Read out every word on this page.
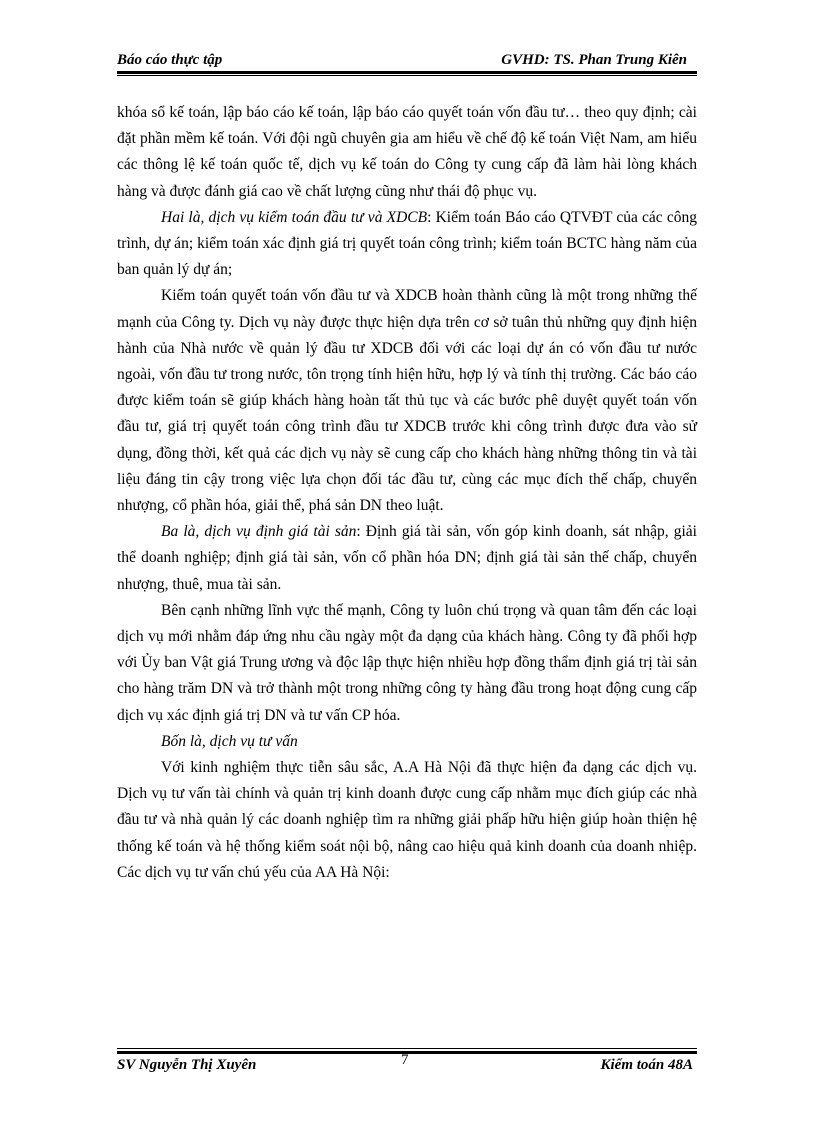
Báo cáo thực tập	GVHD: TS. Phan Trung Kiên

khóa sổ kế toán, lập báo cáo kế toán, lập báo cáo quyết toán vốn đầu tư… theo quy định; cài đặt phần mềm kế toán. Với đội ngũ chuyên gia am hiểu về chế độ kế toán Việt Nam, am hiểu các thông lệ kế toán quốc tế, dịch vụ kế toán do Công ty cung cấp đã làm hài lòng khách hàng và được đánh giá cao về chất lượng cũng như thái độ phục vụ.

Hai là, dịch vụ kiểm toán đầu tư và XDCB: Kiểm toán Báo cáo QTVĐT của các công trình, dự án; kiểm toán xác định giá trị quyết toán công trình; kiểm toán BCTC hàng năm của ban quản lý dự án;

Kiểm toán quyết toán vốn đầu tư và XDCB hoàn thành cũng là một trong những thế mạnh của Công ty. Dịch vụ này được thực hiện dựa trên cơ sở tuân thủ những quy định hiện hành của Nhà nước về quản lý đầu tư XDCB đối với các loại dự án có vốn đầu tư nước ngoài, vốn đầu tư trong nước, tôn trọng tính hiện hữu, hợp lý và tính thị trường. Các báo cáo được kiểm toán sẽ giúp khách hàng hoàn tất thủ tục và các bước phê duyệt quyết toán vốn đầu tư, giá trị quyết toán công trình đầu tư XDCB trước khi công trình được đưa vào sử dụng, đồng thời, kết quả các dịch vụ này sẽ cung cấp cho khách hàng những thông tin và tài liệu đáng tin cậy trong việc lựa chọn đối tác đầu tư, cùng các mục đích thế chấp, chuyển nhượng, cổ phần hóa, giải thể, phá sản DN theo luật.

Ba là, dịch vụ định giá tài sản: Định giá tài sản, vốn góp kinh doanh, sát nhập, giải thể doanh nghiệp; định giá tài sản, vốn cổ phần hóa DN; định giá tài sản thế chấp, chuyển nhượng, thuê, mua tài sản.

Bên cạnh những lĩnh vực thế mạnh, Công ty luôn chú trọng và quan tâm đến các loại dịch vụ mới nhằm đáp ứng nhu cầu ngày một đa dạng của khách hàng. Công ty đã phối hợp với Ủy ban Vật giá Trung ương và độc lập thực hiện nhiều hợp đồng thẩm định giá trị tài sản cho hàng trăm DN và trở thành một trong những công ty hàng đầu trong hoạt động cung cấp dịch vụ xác định giá trị DN và tư vấn CP hóa.

Bốn là, dịch vụ tư vấn

Với kinh nghiệm thực tiễn sâu sắc, A.A Hà Nội đã thực hiện đa dạng các dịch vụ. Dịch vụ tư vấn tài chính và quản trị kinh doanh được cung cấp nhằm mục đích giúp các nhà đầu tư và nhà quản lý các doanh nghiệp tìm ra những giải phấp hữu hiện giúp hoàn thiện hệ thống kế toán và hệ thống kiểm soát nội bộ, nâng cao hiệu quả kinh doanh của doanh nhiệp. Các dịch vụ tư vấn chú yếu của AA Hà Nội:

SV Nguyễn Thị Xuyên	7	Kiểm toán 48A
